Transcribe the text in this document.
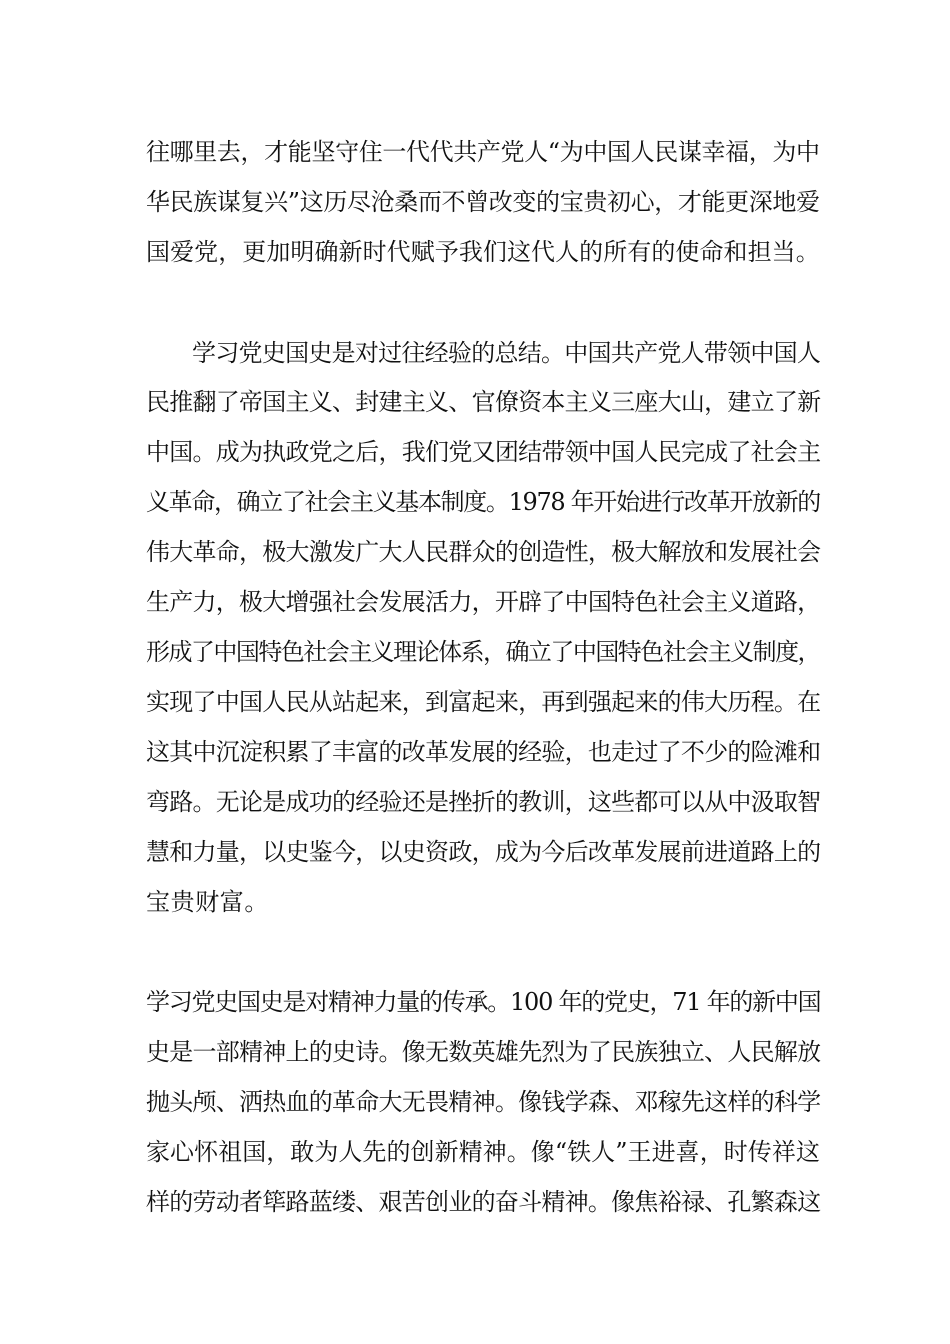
往哪里去，才能坚守住一代代共产党人“为中国人民谋幸福，为中
华民族谋复兴”这历尽沧桑而不曾改变的宝贵初心，才能更深地爱
国爱党，更加明确新时代赋予我们这代人的所有的使命和担当。
学习党史国史是对过往经验的总结。中国共产党人带领中国人
民推翻了帝国主义、封建主义、官僚资本主义三座大山，建立了新
中国。成为执政党之后，我们党又团结带领中国人民完成了社会主
义革命，确立了社会主义基本制度。1978 年开始进行改革开放新的
伟大革命，极大激发广大人民群众的创造性，极大解放和发展社会
生产力，极大增强社会发展活力，开辟了中国特色社会主义道路，
形成了中国特色社会主义理论体系，确立了中国特色社会主义制度，
实现了中国人民从站起来，到富起来，再到强起来的伟大历程。在
这其中沉淀积累了丰富的改革发展的经验，也走过了不少的险滩和
弯路。无论是成功的经验还是挫折的教训，这些都可以从中汲取智
慧和力量，以史鉴今，以史资政，成为今后改革发展前进道路上的
宝贵财富。
学习党史国史是对精神力量的传承。100 年的党史，71 年的新中国
史是一部精神上的史诗。像无数英雄先烈为了民族独立、人民解放
抛头颅、洒热血的革命大无畏精神。像钱学森、邓稼先这样的科学
家心怀祖国，敢为人先的创新精神。像“铁人”王进喜，时传祥这
样的劳动者筚路蓝缕、艰苦创业的奋斗精神。像焦裕禄、孔繁森这
